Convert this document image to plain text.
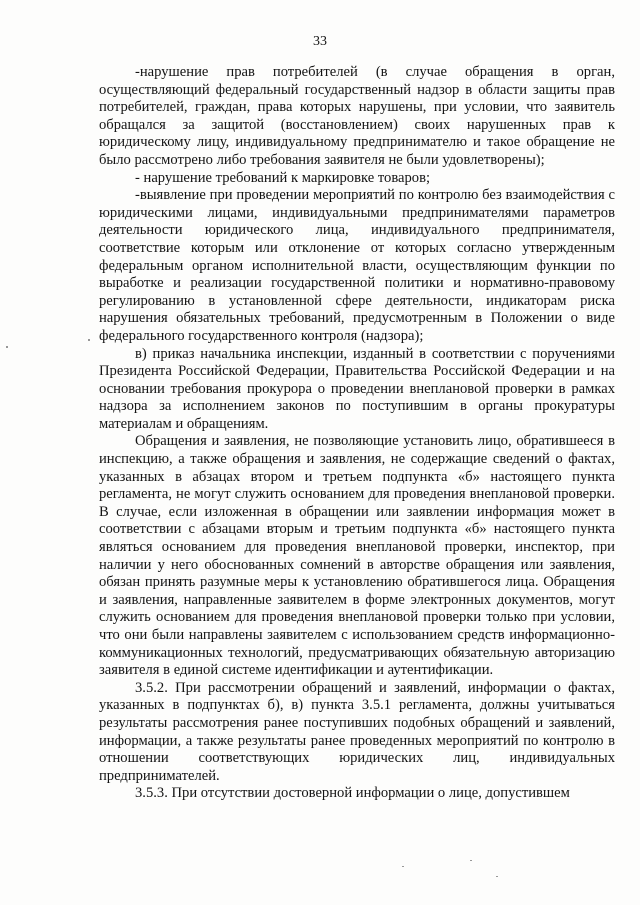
33

-нарушение прав потребителей (в случае обращения в орган, осуществляющий федеральный государственный надзор в области защиты прав потребителей, граждан, права которых нарушены, при условии, что заявитель обращался за защитой (восстановлением) своих нарушенных прав к юридическому лицу, индивидуальному предпринимателю и такое обращение не было рассмотрено либо требования заявителя не были удовлетворены);

- нарушение требований к маркировке товаров;

-выявление при проведении мероприятий по контролю без взаимодействия с юридическими лицами, индивидуальными предпринимателями параметров деятельности юридического лица, индивидуального предпринимателя, соответствие которым или отклонение от которых согласно утвержденным федеральным органом исполнительной власти, осуществляющим функции по выработке и реализации государственной политики и нормативно-правовому регулированию в установленной сфере деятельности, индикаторам риска нарушения обязательных требований, предусмотренным в Положении о виде федерального государственного контроля (надзора);

в) приказ начальника инспекции, изданный в соответствии с поручениями Президента Российской Федерации, Правительства Российской Федерации и на основании требования прокурора о проведении внеплановой проверки в рамках надзора за исполнением законов по поступившим в органы прокуратуры материалам и обращениям.

Обращения и заявления, не позволяющие установить лицо, обратившееся в инспекцию, а также обращения и заявления, не содержащие сведений о фактах, указанных в абзацах втором и третьем подпункта «б» настоящего пункта регламента, не могут служить основанием для проведения внеплановой проверки. В случае, если изложенная в обращении или заявлении информация может в соответствии с абзацами вторым и третьим подпункта «б» настоящего пункта являться основанием для проведения внеплановой проверки, инспектор, при наличии у него обоснованных сомнений в авторстве обращения или заявления, обязан принять разумные меры к установлению обратившегося лица. Обращения и заявления, направленные заявителем в форме электронных документов, могут служить основанием для проведения внеплановой проверки только при условии, что они были направлены заявителем с использованием средств информационно-коммуникационных технологий, предусматривающих обязательную авторизацию заявителя в единой системе идентификации и аутентификации.

3.5.2. При рассмотрении обращений и заявлений, информации о фактах, указанных в подпунктах б), в) пункта 3.5.1 регламента, должны учитываться результаты рассмотрения ранее поступивших подобных обращений и заявлений, информации, а также результаты ранее проведенных мероприятий по контролю в отношении соответствующих юридических лиц, индивидуальных предпринимателей.

3.5.3. При отсутствии достоверной информации о лице, допустившем
